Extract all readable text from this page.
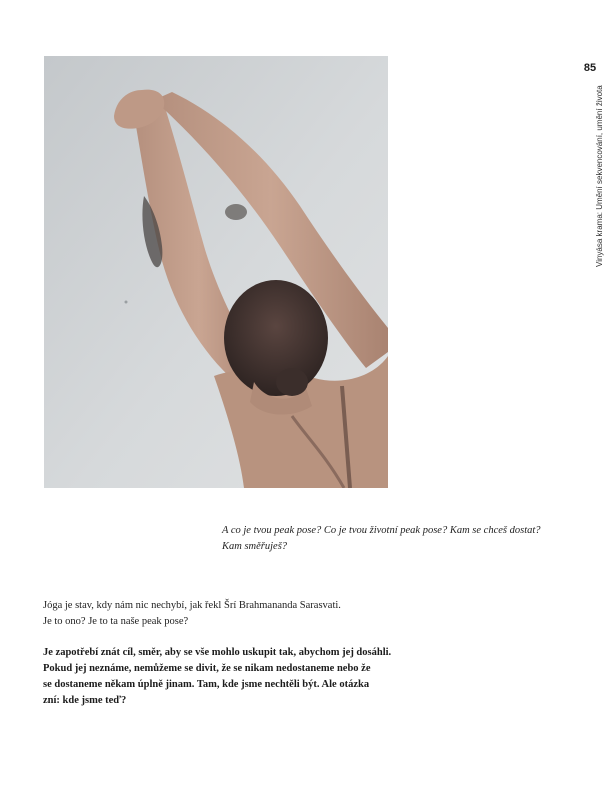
85
Vinyása krama: Umění sekvencování, umění života

A co je tvou peak pose? Co je tvou životní peak pose? Kam se chceš dostat?

Kam směřuješ?

Jóga je stav, kdy nám nic nechybí, jak řekl Šrí Brahmananda Sarasvati.

Je to ono? Je to ta naše peak pose?

Je zapotřebí znát cíl, směr, aby se vše mohlo uskupit tak, abychom jej dosáhli.

Pokud jej neznáme, nemůžeme se divit, že se nikam nedostaneme nebo že

se dostaneme někam úplně jinam. Tam, kde jsme nechtěli být. Ale otázka

zní: kde jsme teď?
